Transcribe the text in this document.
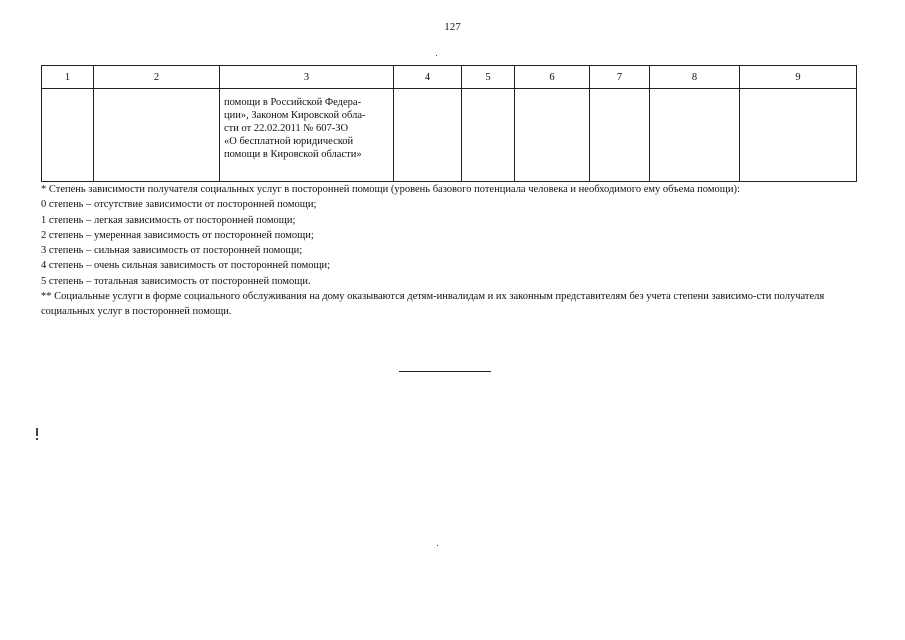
127
1	2	3	4	5	6	7	8	9
		помощи в Российской Федера-
ции», Законом Кировской обла-
сти от 22.02.2011 № 607-ЗО
«О бесплатной юридической
помощи в Кировской области»						
* Степень зависимости получателя социальных услуг в посторонней помощи (уровень базового потенциала человека и необходимого ему объема помощи):
0 степень – отсутствие зависимости от посторонней помощи;
1 степень – легкая зависимость от посторонней помощи;
2 степень – умеренная зависимость от посторонней помощи;
3 степень – сильная зависимость от посторонней помощи;
4 степень – очень сильная зависимость от посторонней помощи;
5 степень – тотальная зависимость от посторонней помощи.
** Социальные услуги в форме социального обслуживания на дому оказываются детям-инвалидам и их законным представителям без учета степени зависимо-сти получателя социальных услуг в посторонней помощи.
